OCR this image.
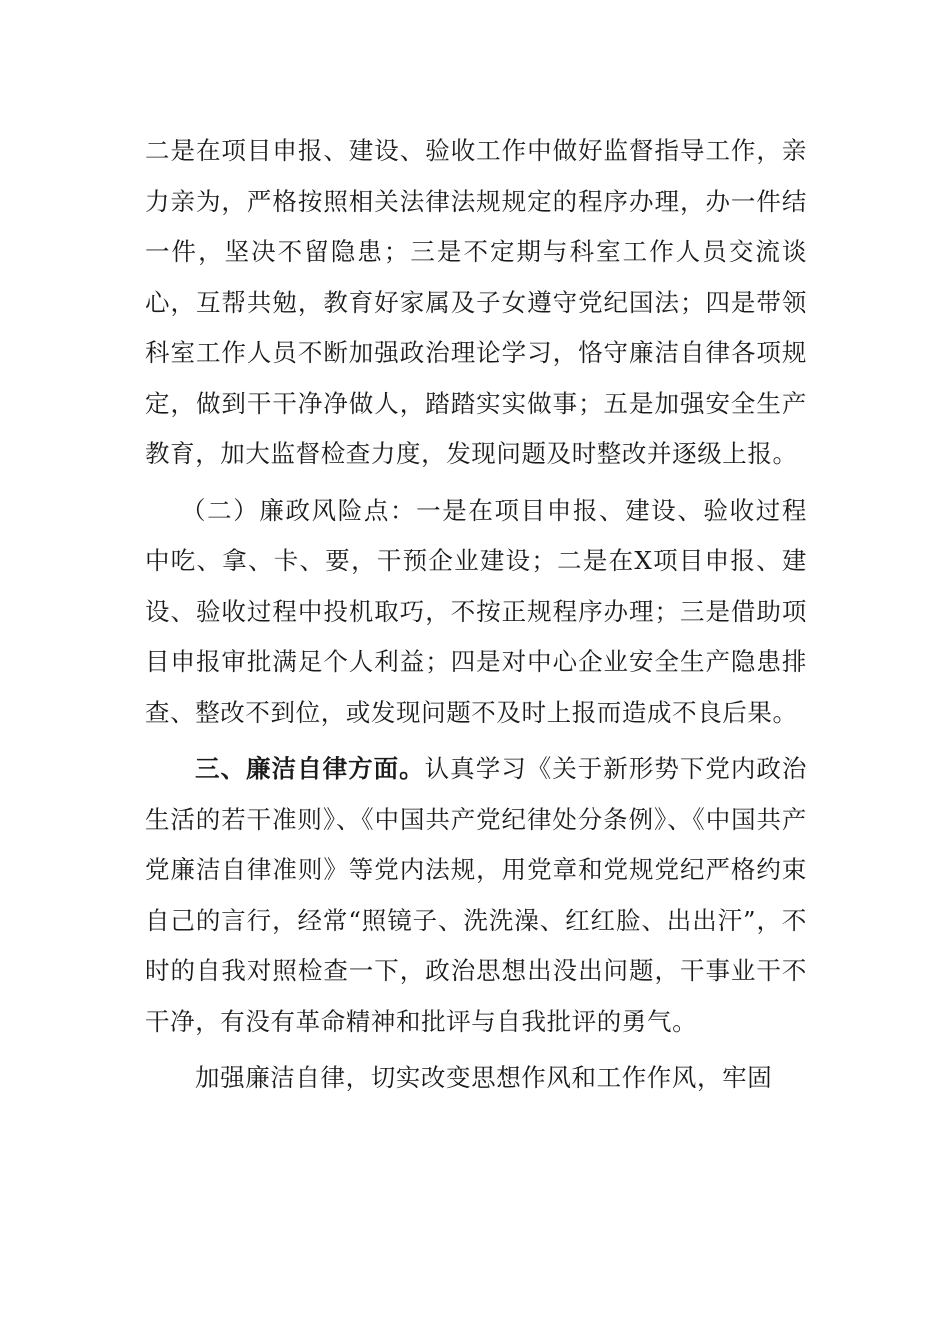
二是在项目申报、建设、验收工作中做好监督指导工作，亲力亲为，严格按照相关法律法规规定的程序办理，办一件结一件，坚决不留隐患；三是不定期与科室工作人员交流谈心，互帮共勉，教育好家属及子女遵守党纪国法；四是带领科室工作人员不断加强政治理论学习，恪守廉洁自律各项规定，做到干干净净做人，踏踏实实做事；五是加强安全生产教育，加大监督检查力度，发现问题及时整改并逐级上报。

（二）廉政风险点：一是在项目申报、建设、验收过程中吃、拿、卡、要，干预企业建设；二是在X项目申报、建设、验收过程中投机取巧，不按正规程序办理；三是借助项目申报审批满足个人利益；四是对中心企业安全生产隐患排查、整改不到位，或发现问题不及时上报而造成不良后果。

三、廉洁自律方面。认真学习《关于新形势下党内政治生活的若干准则》、《中国共产党纪律处分条例》、《中国共产党廉洁自律准则》等党内法规，用党章和党规党纪严格约束自己的言行，经常“照镜子、洗洗澡、红红脸、出出汗”，不时的自我对照检查一下，政治思想出没出问题，干事业干不干净，有没有革命精神和批评与自我批评的勇气。

加强廉洁自律，切实改变思想作风和工作作风，牢固
